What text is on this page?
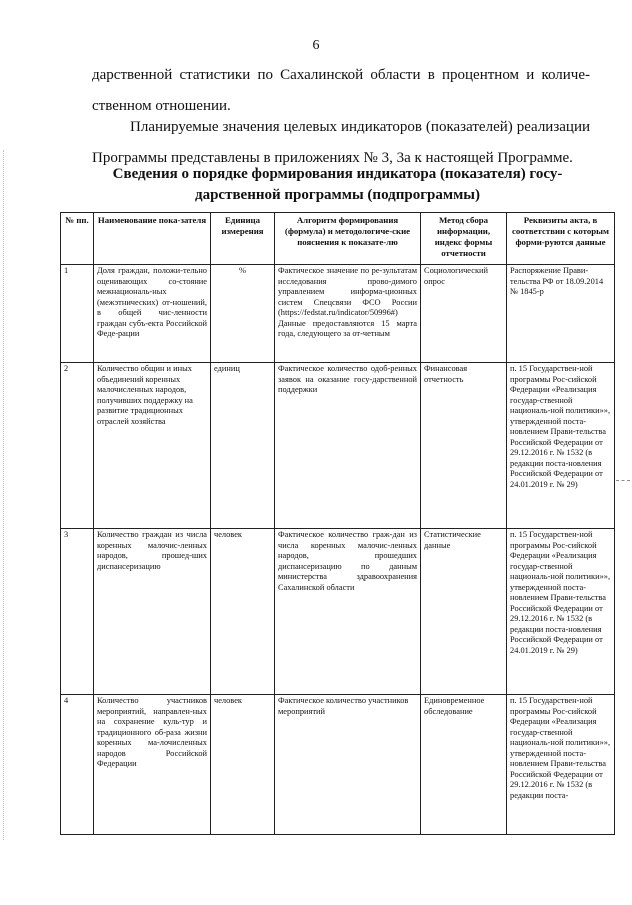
6
дарственной статистики по Сахалинской области в процентном и количе-
ственном отношении.
Планируемые значения целевых индикаторов (показателей) реализации
Программы представлены в приложениях № 3, 3а к настоящей Программе.
Сведения о порядке формирования индикатора (показателя) госу-
дарственной программы (подпрограммы)
№ пп.	Наименование пока-зателя	Единица измерения	Алгоритм формирования (формула) и методологиче-ские пояснения к показате-лю	Метод сбора информации, индекс формы отчетности	Реквизиты акта, в соответствии с которым форми-руются данные
1	Доля граждан, положи-тельно оценивающих со-стояние межнациональ-ных (межэтнических) от-ношений, в общей чис-ленности граждан субъ-екта Российской Феде-рации	%	Фактическое значение по ре-зультатам исследования прово-димого управлением информа-ционных систем Спецсвязи ФСО России (https://fedstat.ru/indicator/50996#) Данные предоставляются 15 марта года, следующего за от-четным	Социологический опрос	Распоряжение Прави-тельства РФ от 18.09.2014 № 1845-р
2	Количество общин и иных объединений коренных малочисленных народов, получивших поддержку на развитие традиционных отраслей хозяйства	единиц	Фактическое количество одоб-ренных заявок на оказание госу-дарственной поддержки	Финансовая отчетность	п. 15 Государствен-ной программы Рос-сийской Федерации «Реализация государ-ственной националь-ной политики»», утвержденной поста-новлением Прави-тельства Российской Федерации от 29.12.2016 г. № 1532 (в редакции поста-новления Российской Федерации от 24.01.2019 г. № 29)
3	Количество граждан из числа коренных малочис-ленных народов, прошед-ших диспансеризацию	человек	Фактическое количество граж-дан из числа коренных малочис-ленных народов, прошедших диспансеризацию по данным министерства здравоохранения Сахалинской области	Статистические данные	п. 15 Государствен-ной программы Рос-сийской Федерации «Реализация государ-ственной националь-ной политики»», утвержденной поста-новлением Прави-тельства Российской Федерации от 29.12.2016 г. № 1532 (в редакции поста-новления Российской Федерации от 24.01.2019 г. № 29)
4	Количество участников мероприятий, направлен-ных на сохранение куль-тур и традиционного об-раза жизни коренных ма-лочисленных народов Российской Федерации	человек	Фактическое количество участников мероприятий	Единовременное обследование	п. 15 Государствен-ной программы Рос-сийской Федерации «Реализация государ-ственной националь-ной политики»», утвержденной поста-новлением Прави-тельства Российской Федерации от 29.12.2016 г. № 1532 (в редакции поста-
